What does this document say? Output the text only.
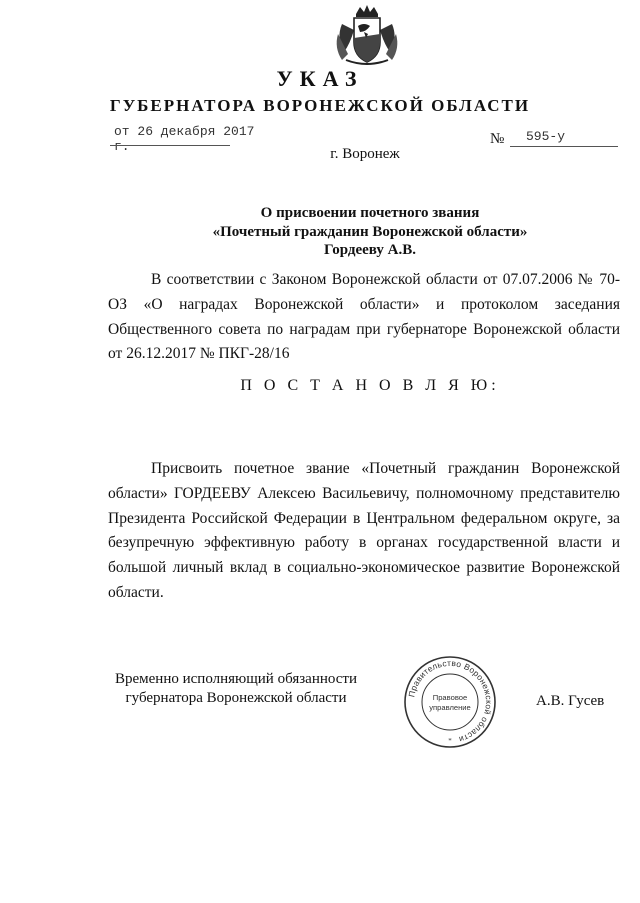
УКАЗ
ГУБЕРНАТОРА ВОРОНЕЖСКОЙ ОБЛАСТИ
от 26 декабря 2017 г.	№ 595-у
г. Воронеж
О присвоении почетного звания
«Почетный гражданин Воронежской области»
Гордееву А.В.

В соответствии с Законом Воронежской области от 07.07.2006 № 70-ОЗ «О наградах Воронежской области» и протоколом заседания Общественного совета по наградам при губернаторе Воронежской области от 26.12.2017 № ПКГ-28/16

П О С Т А Н О В Л Я Ю:

Присвоить почетное звание «Почетный гражданин Воронежской области» ГОРДЕЕВУ Алексею Васильевичу, полномочному представителю Президента Российской Федерации в Центральном федеральном округе, за безупречную эффективную работу в органах государственной власти и большой личный вклад в социально-экономическое развитие Воронежской области.

Временно исполняющий обязанности
губернатора Воронежской области	Правительство Воронежской области
Правовое
управление
*
А.В. Гусев
